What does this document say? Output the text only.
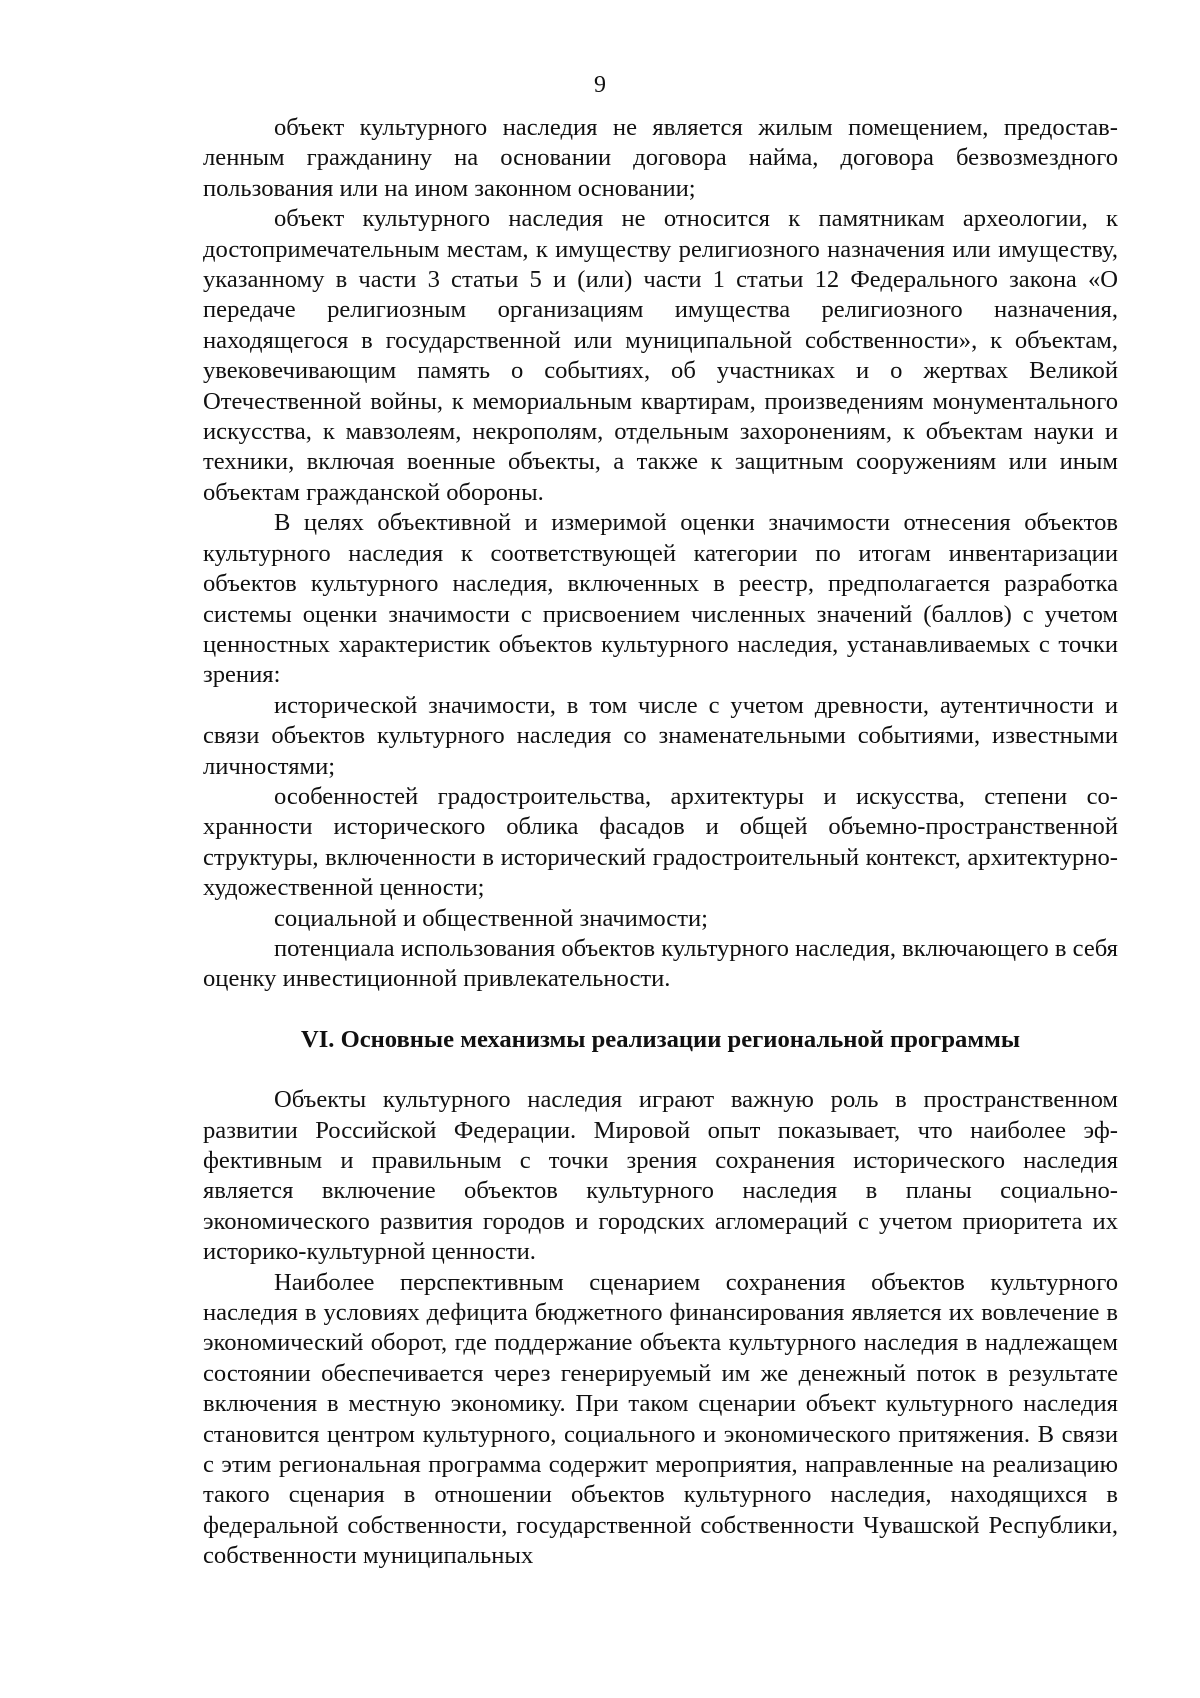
9

объект культурного наследия не является жилым помещением, предоставленным гражданину на основании договора найма, договора безвозмездного пользования или на ином законном основании;

объект культурного наследия не относится к памятникам археологии, к достопримечательным местам, к имуществу религиозного назначения или имуществу, указанному в части 3 статьи 5 и (или) части 1 статьи 12 Федерального закона «О передаче религиозным организациям имущества религиозного назначения, находящегося в государственной или муниципальной собственности», к объектам, увековечивающим память о событиях, об участниках и о жертвах Великой Отечественной войны, к мемориальным квартирам, произведениям монументального искусства, к мавзолеям, некрополям, отдельным захоронениям, к объектам науки и техники, включая военные объекты, а также к защитным сооружениям или иным объектам гражданской обороны.

В целях объективной и измеримой оценки значимости отнесения объектов культурного наследия к соответствующей категории по итогам инвентаризации объектов культурного наследия, включенных в реестр, предполагается разработка системы оценки значимости с присвоением численных значений (баллов) с учетом ценностных характеристик объектов культурного наследия, устанавливаемых с точки зрения:

исторической значимости, в том числе с учетом древности, аутентичности и связи объектов культурного наследия со знаменательными событиями, известными личностями;

особенностей градостроительства, архитектуры и искусства, степени сохранности исторического облика фасадов и общей объемно-пространственной структуры, включенности в исторический градостроительный контекст, архитектурно-художественной ценности;

социальной и общественной значимости;

потенциала использования объектов культурного наследия, включающего в себя оценку инвестиционной привлекательности.

VI. Основные механизмы реализации региональной программы

Объекты культурного наследия играют важную роль в пространственном развитии Российской Федерации. Мировой опыт показывает, что наиболее эффективным и правильным с точки зрения сохранения исторического наследия является включение объектов культурного наследия в планы социально-экономического развития городов и городских агломераций с учетом приоритета их историко-культурной ценности.

Наиболее перспективным сценарием сохранения объектов культурного наследия в условиях дефицита бюджетного финансирования является их вовлечение в экономический оборот, где поддержание объекта культурного наследия в надлежащем состоянии обеспечивается через генерируемый им же денежный поток в результате включения в местную экономику. При таком сценарии объект культурного наследия становится центром культурного, социального и экономического притяжения. В связи с этим региональная программа содержит мероприятия, направленные на реализацию такого сценария в отношении объектов культурного наследия, находящихся в федеральной собственности, государственной собственности Чувашской Республики, собственности муниципальных
